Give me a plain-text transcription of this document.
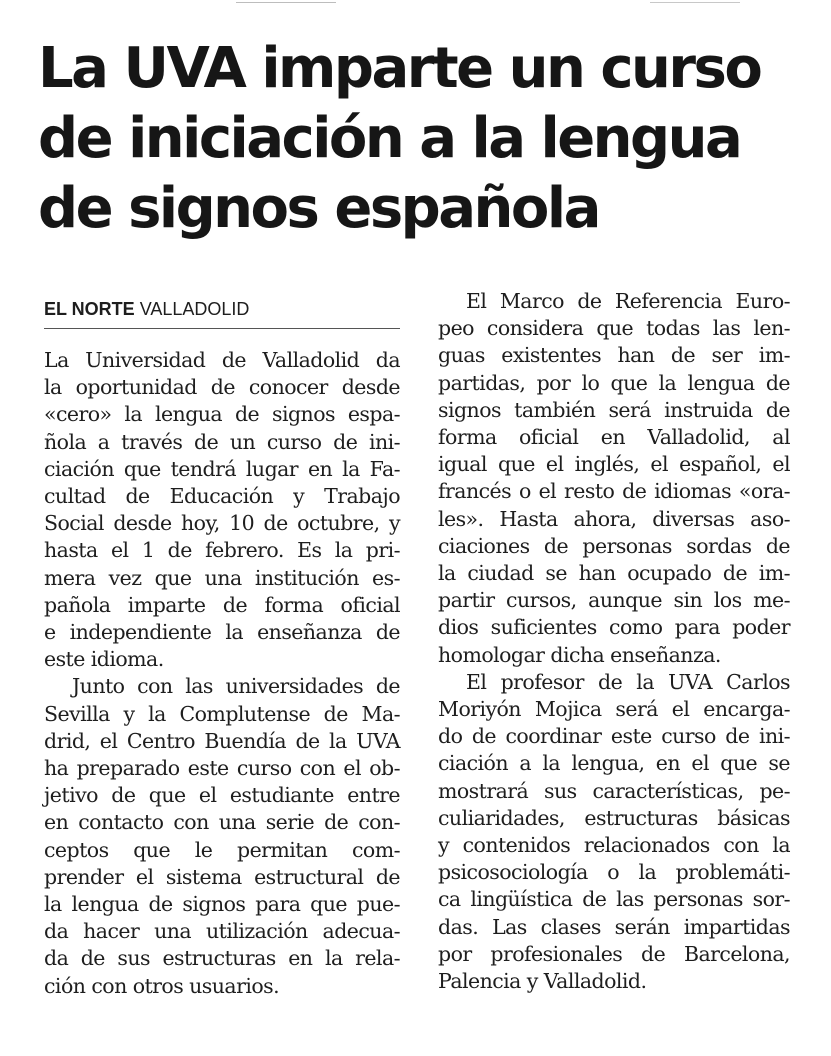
La UVA imparte un curso
de iniciación a la lengua
de signos española
EL NORTE VALLADOLID

La Universidad de Valladolid da
la oportunidad de conocer desde
«cero» la lengua de signos espa-
ñola a través de un curso de ini-
ciación que tendrá lugar en la Fa-
cultad de Educación y Trabajo
Social desde hoy, 10 de octubre, y
hasta el 1 de febrero. Es la pri-
mera vez que una institución es-
pañola imparte de forma oficial
e independiente la enseñanza de
este idioma.

Junto con las universidades de
Sevilla y la Complutense de Ma-
drid, el Centro Buendía de la UVA
ha preparado este curso con el ob-
jetivo de que el estudiante entre
en contacto con una serie de con-
ceptos que le permitan com-
prender el sistema estructural de
la lengua de signos para que pue-
da hacer una utilización adecua-
da de sus estructuras en la rela-
ción con otros usuarios.

El Marco de Referencia Euro-
peo considera que todas las len-
guas existentes han de ser im-
partidas, por lo que la lengua de
signos también será instruida de
forma oficial en Valladolid, al
igual que el inglés, el español, el
francés o el resto de idiomas «ora-
les». Hasta ahora, diversas aso-
ciaciones de personas sordas de
la ciudad se han ocupado de im-
partir cursos, aunque sin los me-
dios suficientes como para poder
homologar dicha enseñanza.

El profesor de la UVA Carlos
Moriyón Mojica será el encarga-
do de coordinar este curso de ini-
ciación a la lengua, en el que se
mostrará sus características, pe-
culiaridades, estructuras básicas
y contenidos relacionados con la
psicosociología o la problemáti-
ca lingüística de las personas sor-
das. Las clases serán impartidas
por profesionales de Barcelona,
Palencia y Valladolid.
